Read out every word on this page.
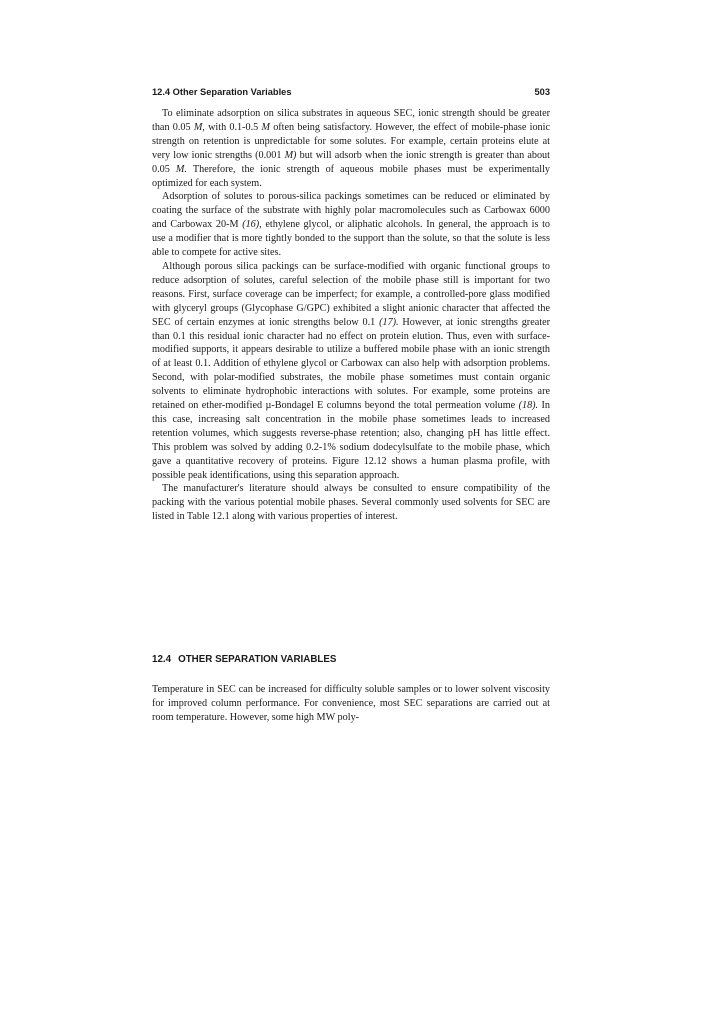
12.4 Other Separation Variables	503

To eliminate adsorption on silica substrates in aqueous SEC, ionic strength should be greater than 0.05 M, with 0.1-0.5 M often being satisfactory. However, the effect of mobile-phase ionic strength on retention is unpredictable for some solutes. For example, certain proteins elute at very low ionic strengths (0.001 M) but will adsorb when the ionic strength is greater than about 0.05 M. Therefore, the ionic strength of aqueous mobile phases must be experimentally optimized for each system.

Adsorption of solutes to porous-silica packings sometimes can be reduced or eliminated by coating the surface of the substrate with highly polar macromolecules such as Carbowax 6000 and Carbowax 20-M (16), ethylene glycol, or aliphatic alcohols. In general, the approach is to use a modifier that is more tightly bonded to the support than the solute, so that the solute is less able to compete for active sites.

Although porous silica packings can be surface-modified with organic functional groups to reduce adsorption of solutes, careful selection of the mobile phase still is important for two reasons. First, surface coverage can be imperfect; for example, a controlled-pore glass modified with glyceryl groups (Glycophase G/GPC) exhibited a slight anionic character that affected the SEC of certain enzymes at ionic strengths below 0.1 (17). However, at ionic strengths greater than 0.1 this residual ionic character had no effect on protein elution. Thus, even with surface-modified supports, it appears desirable to utilize a buffered mobile phase with an ionic strength of at least 0.1. Addition of ethylene glycol or Carbowax can also help with adsorption problems. Second, with polar-modified substrates, the mobile phase sometimes must contain organic solvents to eliminate hydrophobic interactions with solutes. For example, some proteins are retained on ether-modified µ-Bondagel E columns beyond the total permeation volume (18). In this case, increasing salt concentration in the mobile phase sometimes leads to increased retention volumes, which suggests reverse-phase retention; also, changing pH has little effect. This problem was solved by adding 0.2-1% sodium dodecylsulfate to the mobile phase, which gave a quantitative recovery of proteins. Figure 12.12 shows a human plasma profile, with possible peak identifications, using this separation approach.

The manufacturer's literature should always be consulted to ensure compatibility of the packing with the various potential mobile phases. Several commonly used solvents for SEC are listed in Table 12.1 along with various properties of interest.

12.4 OTHER SEPARATION VARIABLES

Temperature in SEC can be increased for difficulty soluble samples or to lower solvent viscosity for improved column performance. For convenience, most SEC separations are carried out at room temperature. However, some high MW poly-
